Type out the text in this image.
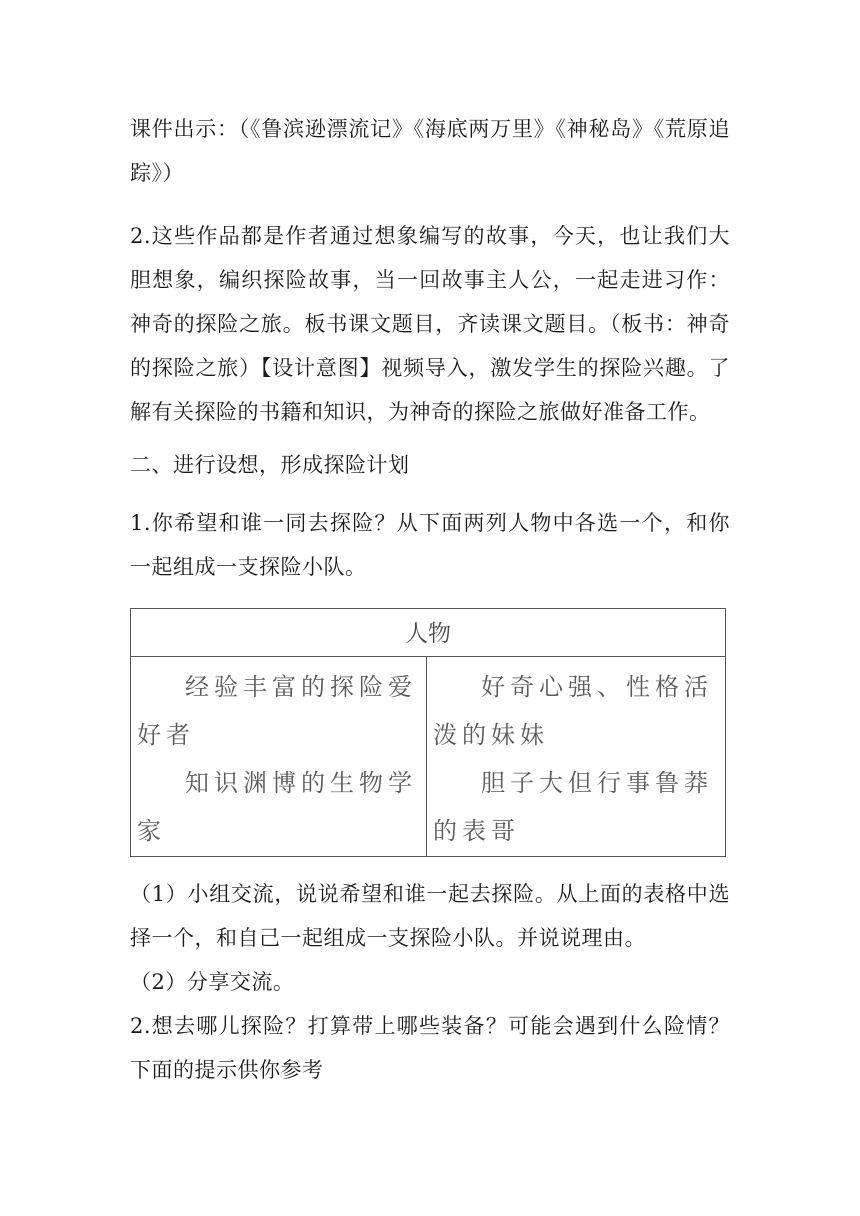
课件出示：（《鲁滨逊漂流记》《海底两万里》《神秘岛》《荒原追踪》）

2.这些作品都是作者通过想象编写的故事，今天，也让我们大胆想象，编织探险故事，当一回故事主人公，一起走进习作：神奇的探险之旅。板书课文题目，齐读课文题目。（板书：神奇的探险之旅）【设计意图】视频导入，激发学生的探险兴趣。了解有关探险的书籍和知识，为神奇的探险之旅做好准备工作。

二、进行设想，形成探险计划

1.你希望和谁一同去探险？从下面两列人物中各选一个，和你一起组成一支探险小队。

人物

经验丰富的探险爱好者

知识渊博的生物学家

好奇心强、性格活泼的妹妹

胆子大但行事鲁莽的表哥

（1）小组交流，说说希望和谁一起去探险。从上面的表格中选择一个，和自己一起组成一支探险小队。并说说理由。

（2）分享交流。

2.想去哪儿探险？打算带上哪些装备？可能会遇到什么险情？下面的提示供你参考
